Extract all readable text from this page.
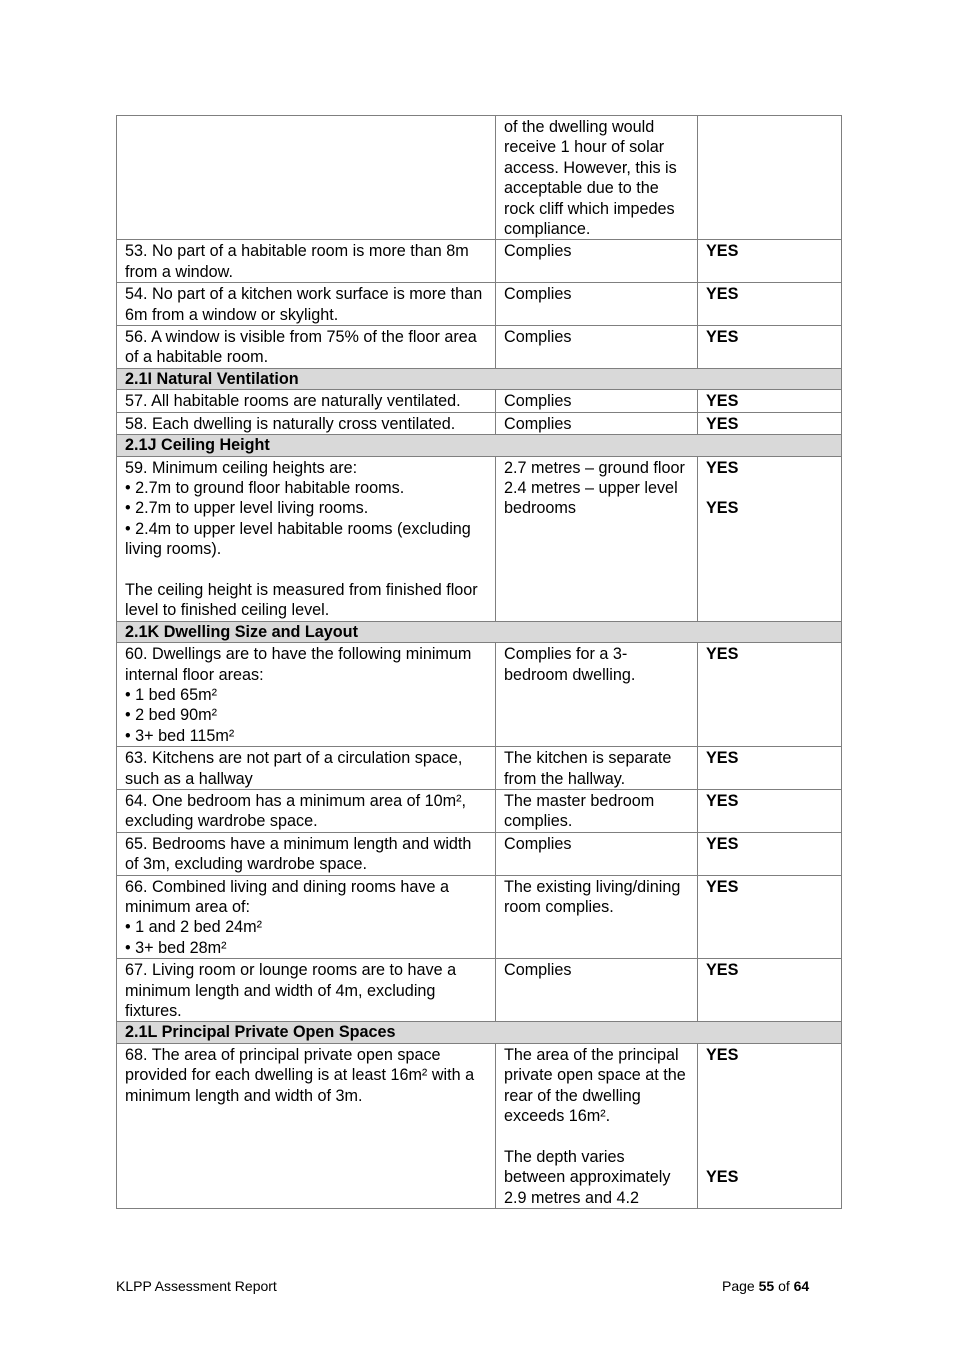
	of the dwelling would receive 1 hour of solar access. However, this is acceptable due to the rock cliff which impedes compliance.	
53. No part of a habitable room is more than 8m from a window.	Complies	YES
54. No part of a kitchen work surface is more than 6m from a window or skylight.	Complies	YES
56. A window is visible from 75% of the floor area of a habitable room.	Complies	YES
2.1I Natural Ventilation		
57. All habitable rooms are naturally ventilated.	Complies	YES
58. Each dwelling is naturally cross ventilated.	Complies	YES
2.1J Ceiling Height		
59. Minimum ceiling heights are:
• 2.7m to ground floor habitable rooms.
• 2.7m to upper level living rooms.
• 2.4m to upper level habitable rooms (excluding living rooms).

The ceiling height is measured from finished floor level to finished ceiling level.	2.7 metres – ground floor
2.4 metres – upper level bedrooms	YES

YES
2.1K Dwelling Size and Layout		
60. Dwellings are to have the following minimum internal floor areas:
• 1 bed 65m²
• 2 bed 90m²
• 3+ bed 115m²	Complies for a 3-bedroom dwelling.	YES
63. Kitchens are not part of a circulation space, such as a hallway	The kitchen is separate from the hallway.	YES
64. One bedroom has a minimum area of 10m², excluding wardrobe space.	The master bedroom complies.	YES
65. Bedrooms have a minimum length and width of 3m, excluding wardrobe space.	Complies	YES
66. Combined living and dining rooms have a minimum area of:
• 1 and 2 bed 24m²
• 3+ bed 28m²	The existing living/dining room complies.	YES
67. Living room or lounge rooms are to have a minimum length and width of 4m, excluding fixtures.	Complies	YES
2.1L Principal Private Open Spaces		
68. The area of principal private open space provided for each dwelling is at least 16m² with a minimum length and width of 3m.	The area of the principal private open space at the rear of the dwelling exceeds 16m².

The depth varies between approximately 2.9 metres and 4.2	YES

YES
KLPP Assessment Report	Page 55 of 64
